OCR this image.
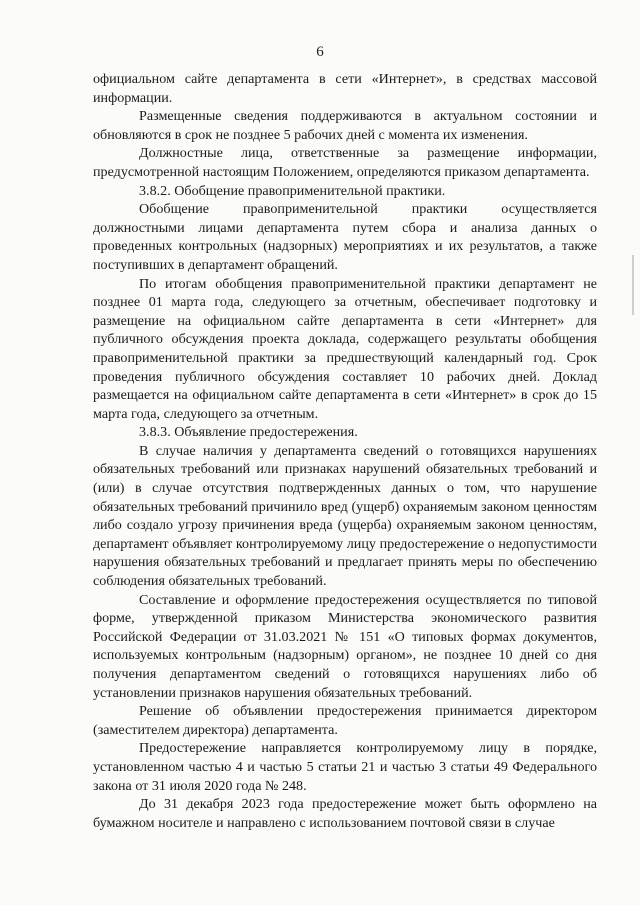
6

официальном сайте департамента в сети «Интернет», в средствах массовой информации.

Размещенные сведения поддерживаются в актуальном состоянии и обновляются в срок не позднее 5 рабочих дней с момента их изменения.

Должностные лица, ответственные за размещение информации, предусмотренной настоящим Положением, определяются приказом департамента.

3.8.2. Обобщение правоприменительной практики.

Обобщение правоприменительной практики осуществляется должностными лицами департамента путем сбора и анализа данных о проведенных контрольных (надзорных) мероприятиях и их результатов, а также поступивших в департамент обращений.

По итогам обобщения правоприменительной практики департамент не позднее 01 марта года, следующего за отчетным, обеспечивает подготовку и размещение на официальном сайте департамента в сети «Интернет» для публичного обсуждения проекта доклада, содержащего результаты обобщения правоприменительной практики за предшествующий календарный год. Срок проведения публичного обсуждения составляет 10 рабочих дней. Доклад размещается на официальном сайте департамента в сети «Интернет» в срок до 15 марта года, следующего за отчетным.

3.8.3. Объявление предостережения.

В случае наличия у департамента сведений о готовящихся нарушениях обязательных требований или признаках нарушений обязательных требований и (или) в случае отсутствия подтвержденных данных о том, что нарушение обязательных требований причинило вред (ущерб) охраняемым законом ценностям либо создало угрозу причинения вреда (ущерба) охраняемым законом ценностям, департамент объявляет контролируемому лицу предостережение о недопустимости нарушения обязательных требований и предлагает принять меры по обеспечению соблюдения обязательных требований.

Составление и оформление предостережения осуществляется по типовой форме, утвержденной приказом Министерства экономического развития Российской Федерации от 31.03.2021 № 151 «О типовых формах документов, используемых контрольным (надзорным) органом», не позднее 10 дней со дня получения департаментом сведений о готовящихся нарушениях либо об установлении признаков нарушения обязательных требований.

Решение об объявлении предостережения принимается директором (заместителем директора) департамента.

Предостережение направляется контролируемому лицу в порядке, установленном частью 4 и частью 5 статьи 21 и частью 3 статьи 49 Федерального закона от 31 июля 2020 года № 248.

До 31 декабря 2023 года предостережение может быть оформлено на бумажном носителе и направлено с использованием почтовой связи в случае
